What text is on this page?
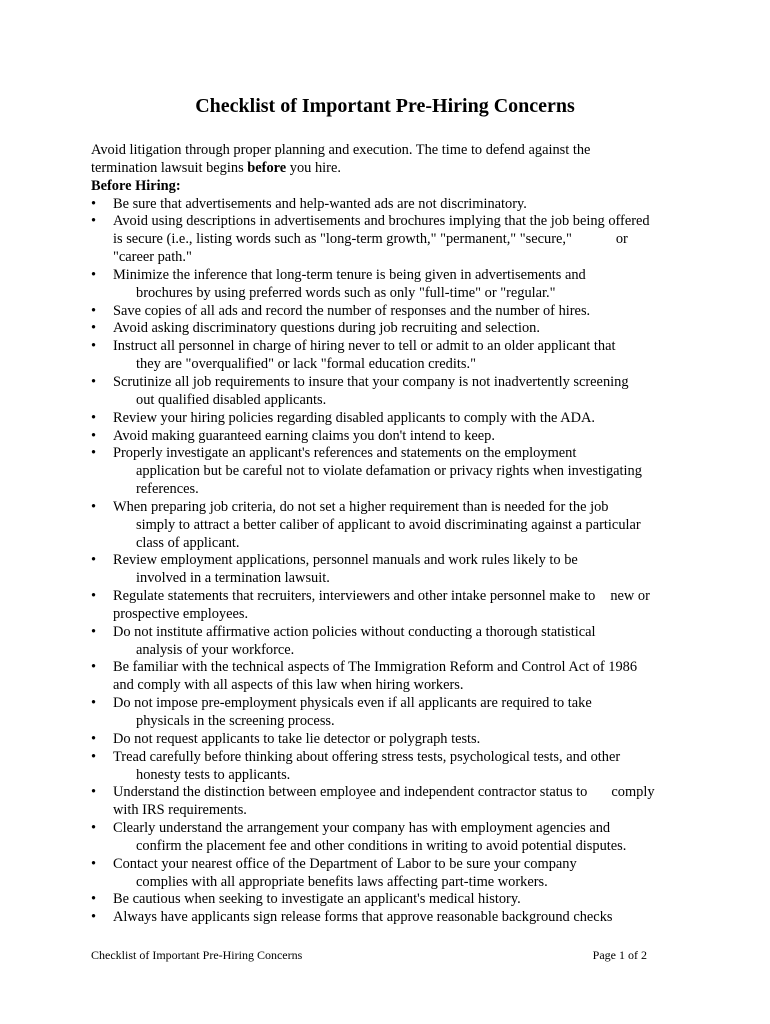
Checklist of Important Pre-Hiring Concerns

Avoid litigation through proper planning and execution. The time to defend against the
termination lawsuit begins before you hire.

Before Hiring:

• Be sure that advertisements and help-wanted ads are not discriminatory.
• Avoid using descriptions in advertisements and brochures implying that the job being offered
is secure (i.e., listing words such as "long-term growth," "permanent," "secure,"	or
"career path."
• Minimize the inference that long-term tenure is being given in advertisements and
brochures by using preferred words such as only "full-time" or "regular."
• Save copies of all ads and record the number of responses and the number of hires.
• Avoid asking discriminatory questions during job recruiting and selection.
• Instruct all personnel in charge of hiring never to tell or admit to an older applicant that
they are "overqualified" or lack "formal education credits."
• Scrutinize all job requirements to insure that your company is not inadvertently screening
out qualified disabled applicants.
• Review your hiring policies regarding disabled applicants to comply with the ADA.
• Avoid making guaranteed earning claims you don't intend to keep.
• Properly investigate an applicant's references and statements on the employment
application but be careful not to violate defamation or privacy rights when investigating
references.
• When preparing job criteria, do not set a higher requirement than is needed for the job
simply to attract a better caliber of applicant to avoid discriminating against a particular
class of applicant.
• Review employment applications, personnel manuals and work rules likely to be
involved in a termination lawsuit.
• Regulate statements that recruiters, interviewers and other intake personnel make to new or
prospective employees.
• Do not institute affirmative action policies without conducting a thorough statistical
analysis of your workforce.
• Be familiar with the technical aspects of The Immigration Reform and Control Act of 1986
and comply with all aspects of this law when hiring workers.
• Do not impose pre-employment physicals even if all applicants are required to take
physicals in the screening process.
• Do not request applicants to take lie detector or polygraph tests.
• Tread carefully before thinking about offering stress tests, psychological tests, and other
honesty tests to applicants.
• Understand the distinction between employee and independent contractor status to comply
with IRS requirements.
• Clearly understand the arrangement your company has with employment agencies and
confirm the placement fee and other conditions in writing to avoid potential disputes.
• Contact your nearest office of the Department of Labor to be sure your company
complies with all appropriate benefits laws affecting part-time workers.
• Be cautious when seeking to investigate an applicant's medical history.
• Always have applicants sign release forms that approve reasonable background checks
Checklist of Important Pre-Hiring Concerns	Page 1 of 2
